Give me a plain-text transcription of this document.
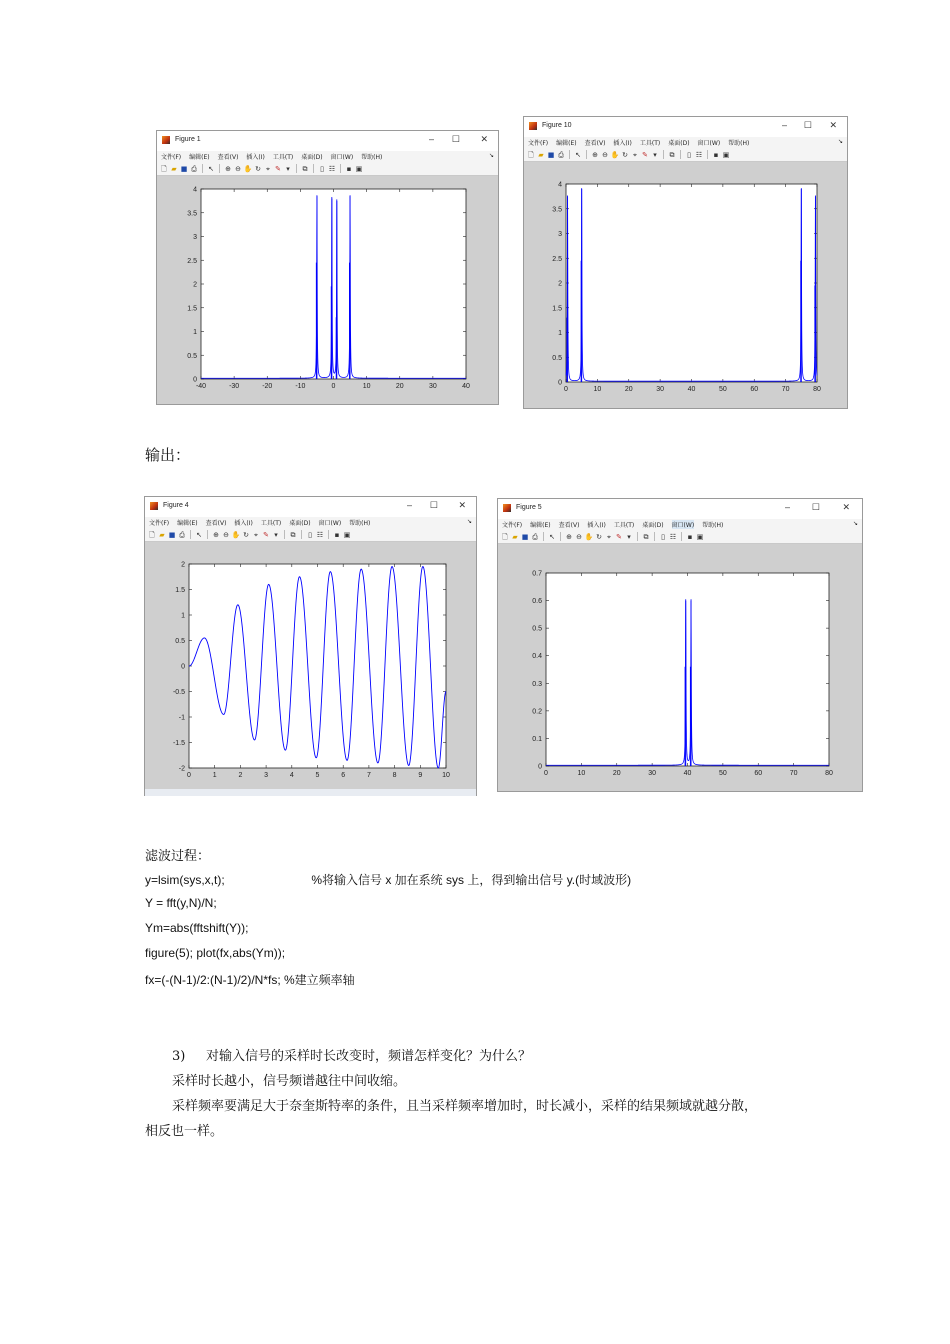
Figure 1	– ☐ ✕
文件(F) 编辑(E) 查看(V) 插入(I) 工具(T) 桌面(D) 窗口(W) 帮助(H)	↘
🗋 ▰ ■ ⎙ ↖ ⊕ ⊖ ✋ ↻ ⌖ ✎ ▾	⧉ ▯ ☷ ▪ ▣
-40	-30	-20	-10	0	10	20	30	40
0
0.5
1
1.5
2
2.5
3
3.5
4
Figure 10	– ☐ ✕
文件(F) 编辑(E) 查看(V) 插入(I) 工具(T) 桌面(D) 窗口(W) 帮助(H)	↘
🗋 ▰ ■ ⎙ ↖ ⊕ ⊖ ✋ ↻ ⌖ ✎ ▾	⧉ ▯ ☷ ▪ ▣
0	10	20	30	40	50	60	70	80
0
0.5
1
1.5
2
2.5
3
3.5
4
输出：
Figure 4	– ☐ ✕
文件(F) 编辑(E) 查看(V) 插入(I) 工具(T) 桌面(D) 窗口(W) 帮助(H)	↘
🗋 ▰ ■ ⎙ ↖ ⊕ ⊖ ✋ ↻ ⌖ ✎ ▾	⧉ ▯ ☷ ▪ ▣
0	1	2	3	4	5	6	7	8	9	10
-2
-1.5
-1
-0.5
0
0.5
1
1.5
2
Figure 5	– ☐ ✕
文件(F) 编辑(E) 查看(V) 插入(I) 工具(T) 桌面(D) 窗口(W) 帮助(H)	↘
🗋 ▰ ■ ⎙ ↖ ⊕ ⊖ ✋ ↻ ⌖ ✎ ▾	⧉ ▯ ☷ ▪ ▣
0	10	20	30	40	50	60	70	80
0
0.1
0.2
0.3
0.4
0.5
0.6
0.7
滤波过程：
y=lsim(sys,x,t);                          %将输入信号 x 加在系统 sys 上，得到输出信号 y.(时域波形)
Y = fft(y,N)/N;
Ym=abs(fftshift(Y));
figure(5); plot(fx,abs(Ym));
fx=(-(N-1)/2:(N-1)/2)/N*fs; %建立频率轴
3)     对输入信号的采样时长改变时，频谱怎样变化？为什么？
采样时长越小，信号频谱越往中间收缩。
采样频率要满足大于奈奎斯特率的条件，且当采样频率增加时，时长减小，采样的结果频域就越分散，
相反也一样。
